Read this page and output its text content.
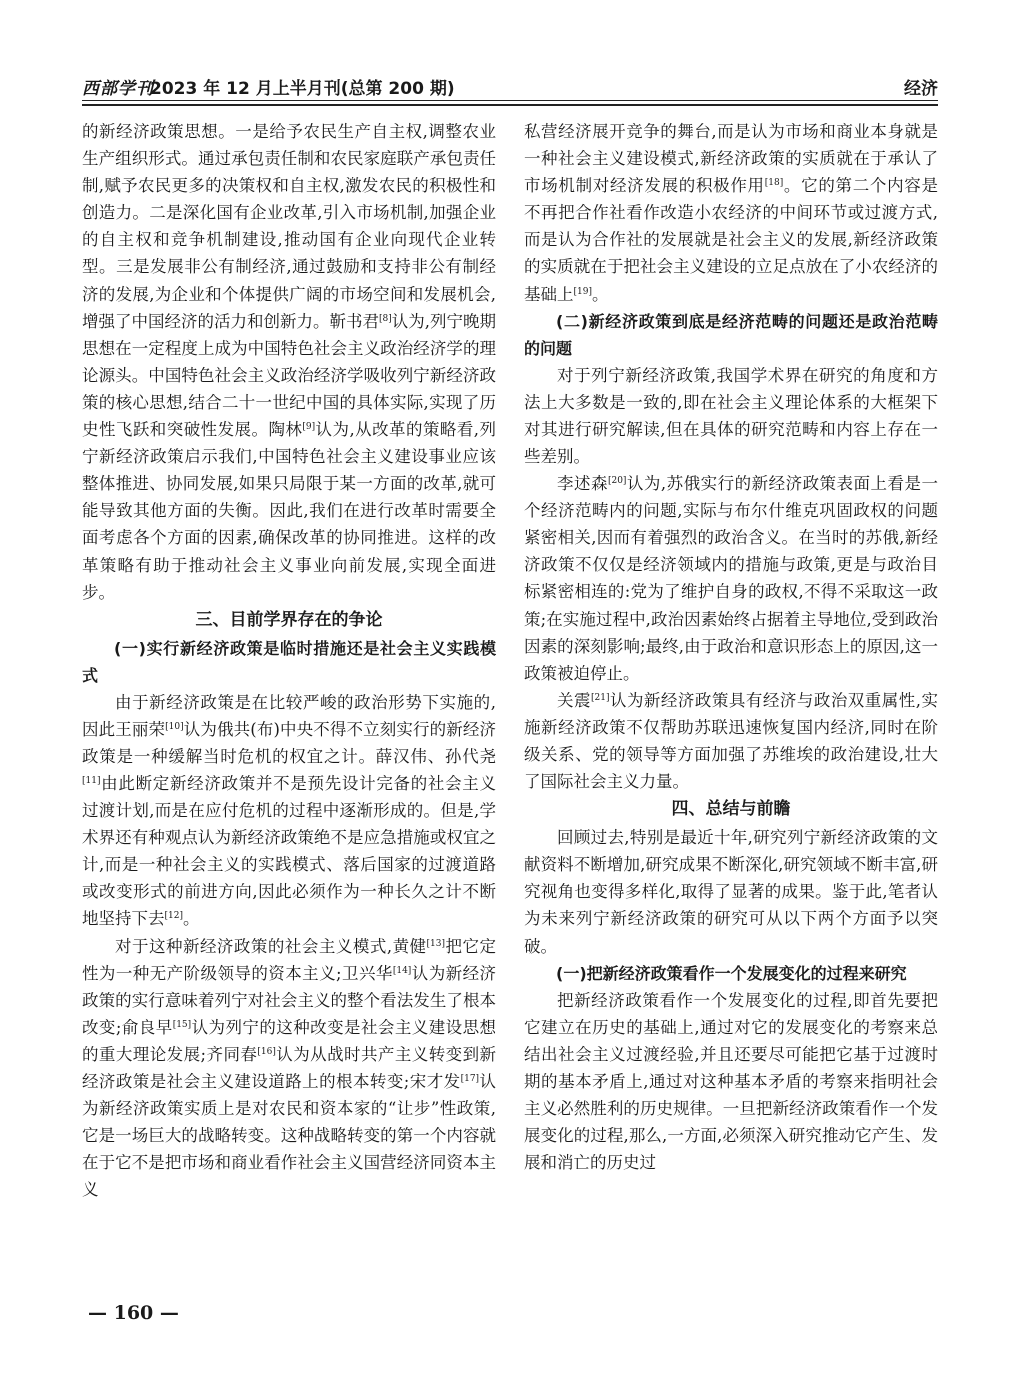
西部学刊
2023 年 12 月上半月刊(总第 200 期)	经济

的新经济政策思想。一是给予农民生产自主权,调整农业生产组织形式。通过承包责任制和农民家庭联产承包责任制,赋予农民更多的决策权和自主权,激发农民的积极性和创造力。二是深化国有企业改革,引入市场机制,加强企业的自主权和竞争机制建设,推动国有企业向现代企业转型。三是发展非公有制经济,通过鼓励和支持非公有制经济的发展,为企业和个体提供广阔的市场空间和发展机会,增强了中国经济的活力和创新力。靳书君[8]认为,列宁晚期思想在一定程度上成为中国特色社会主义政治经济学的理论源头。中国特色社会主义政治经济学吸收列宁新经济政策的核心思想,结合二十一世纪中国的具体实际,实现了历史性飞跃和突破性发展。陶林[9]认为,从改革的策略看,列宁新经济政策启示我们,中国特色社会主义建设事业应该整体推进、协同发展,如果只局限于某一方面的改革,就可能导致其他方面的失衡。因此,我们在进行改革时需要全面考虑各个方面的因素,确保改革的协同推进。这样的改革策略有助于推动社会主义事业向前发展,实现全面进步。

三、目前学界存在的争论
(一)实行新经济政策是临时措施还是社会主义实践模式

由于新经济政策是在比较严峻的政治形势下实施的,因此王丽荣[10]认为俄共(布)中央不得不立刻实行的新经济政策是一种缓解当时危机的权宜之计。薛汉伟、孙代尧[11]由此断定新经济政策并不是预先设计完备的社会主义过渡计划,而是在应付危机的过程中逐渐形成的。但是,学术界还有种观点认为新经济政策绝不是应急措施或权宜之计,而是一种社会主义的实践模式、落后国家的过渡道路或改变形式的前进方向,因此必须作为一种长久之计不断地坚持下去[12]。

对于这种新经济政策的社会主义模式,黄健[13]把它定性为一种无产阶级领导的资本主义;卫兴华[14]认为新经济政策的实行意味着列宁对社会主义的整个看法发生了根本改变;俞良早[15]认为列宁的这种改变是社会主义建设思想的重大理论发展;齐同春[16]认为从战时共产主义转变到新经济政策是社会主义建设道路上的根本转变;宋才发[17]认为新经济政策实质上是对农民和资本家的“让步”性政策,它是一场巨大的战略转变。这种战略转变的第一个内容就在于它不是把市场和商业看作社会主义国营经济同资本主义

私营经济展开竞争的舞台,而是认为市场和商业本身就是一种社会主义建设模式,新经济政策的实质就在于承认了市场机制对经济发展的积极作用[18]。它的第二个内容是不再把合作社看作改造小农经济的中间环节或过渡方式,而是认为合作社的发展就是社会主义的发展,新经济政策的实质就在于把社会主义建设的立足点放在了小农经济的基础上[19]。

(二)新经济政策到底是经济范畴的问题还是政治范畴的问题

对于列宁新经济政策,我国学术界在研究的角度和方法上大多数是一致的,即在社会主义理论体系的大框架下对其进行研究解读,但在具体的研究范畴和内容上存在一些差别。

李述森[20]认为,苏俄实行的新经济政策表面上看是一个经济范畴内的问题,实际与布尔什维克巩固政权的问题紧密相关,因而有着强烈的政治含义。在当时的苏俄,新经济政策不仅仅是经济领域内的措施与政策,更是与政治目标紧密相连的:党为了维护自身的政权,不得不采取这一政策;在实施过程中,政治因素始终占据着主导地位,受到政治因素的深刻影响;最终,由于政治和意识形态上的原因,这一政策被迫停止。

关震[21]认为新经济政策具有经济与政治双重属性,实施新经济政策不仅帮助苏联迅速恢复国内经济,同时在阶级关系、党的领导等方面加强了苏维埃的政治建设,壮大了国际社会主义力量。

四、总结与前瞻

回顾过去,特别是最近十年,研究列宁新经济政策的文献资料不断增加,研究成果不断深化,研究领域不断丰富,研究视角也变得多样化,取得了显著的成果。鉴于此,笔者认为未来列宁新经济政策的研究可从以下两个方面予以突破。

(一)把新经济政策看作一个发展变化的过程来研究

把新经济政策看作一个发展变化的过程,即首先要把它建立在历史的基础上,通过对它的发展变化的考察来总结出社会主义过渡经验,并且还要尽可能把它基于过渡时期的基本矛盾上,通过对这种基本矛盾的考察来指明社会主义必然胜利的历史规律。一旦把新经济政策看作一个发展变化的过程,那么,一方面,必须深入研究推动它产生、发展和消亡的历史过

— 160 —
